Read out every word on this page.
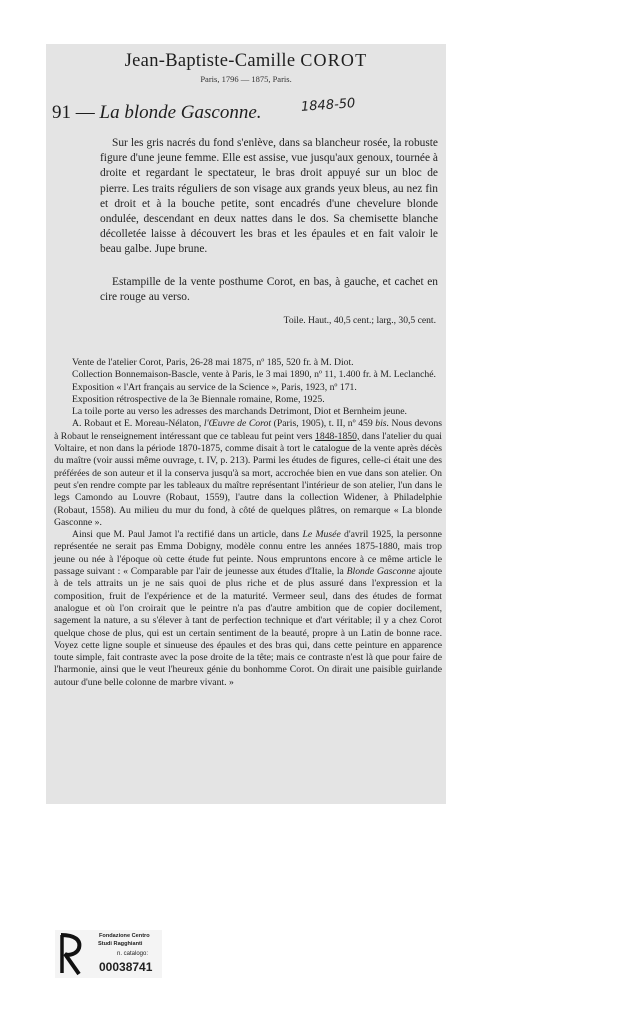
Jean-Baptiste-Camille COROT
Paris, 1796 — 1875, Paris.
91 — La blonde Gasconne.	1848-50

Sur les gris nacrés du fond s'enlève, dans sa blancheur rosée, la robuste figure d'une jeune femme. Elle est assise, vue jusqu'aux genoux, tournée à droite et regardant le spectateur, le bras droit appuyé sur un bloc de pierre. Les traits réguliers de son visage aux grands yeux bleus, au nez fin et droit et à la bouche petite, sont encadrés d'une chevelure blonde ondulée, descendant en deux nattes dans le dos. Sa chemisette blanche décolletée laisse à découvert les bras et les épaules et en fait valoir le beau galbe. Jupe brune.

Estampille de la vente posthume Corot, en bas, à gauche, et cachet en cire rouge au verso.

Toile. Haut., 40,5 cent.; larg., 30,5 cent.

Vente de l'atelier Corot, Paris, 26-28 mai 1875, nº 185, 520 fr. à M. Diot.

Collection Bonnemaison-Bascle, vente à Paris, le 3 mai 1890, nº 11, 1.400 fr. à M. Leclanché.

Exposition « l'Art français au service de la Science », Paris, 1923, nº 171.

Exposition rétrospective de la 3e Biennale romaine, Rome, 1925.

La toile porte au verso les adresses des marchands Detrimont, Diot et Bernheim jeune.

A. Robaut et E. Moreau-Nélaton, l'Œuvre de Corot (Paris, 1905), t. II, nº 459 bis. Nous devons à Robaut le renseignement intéressant que ce tableau fut peint vers 1848-1850, dans l'atelier du quai Voltaire, et non dans la période 1870-1875, comme disait à tort le catalogue de la vente après décès du maître (voir aussi même ouvrage, t. IV, p. 213). Parmi les études de figures, celle-ci était une des préférées de son auteur et il la conserva jusqu'à sa mort, accrochée bien en vue dans son atelier. On peut s'en rendre compte par les tableaux du maître représentant l'intérieur de son atelier, l'un dans le legs Camondo au Louvre (Robaut, 1559), l'autre dans la collection Widener, à Philadelphie (Robaut, 1558). Au milieu du mur du fond, à côté de quelques plâtres, on remarque « La blonde Gasconne ».

Ainsi que M. Paul Jamot l'a rectifié dans un article, dans Le Musée d'avril 1925, la personne représentée ne serait pas Emma Dobigny, modèle connu entre les années 1875-1880, mais trop jeune ou née à l'époque où cette étude fut peinte. Nous empruntons encore à ce même article le passage suivant : « Comparable par l'air de jeunesse aux études d'Italie, la Blonde Gasconne ajoute à de tels attraits un je ne sais quoi de plus riche et de plus assuré dans l'expression et la composition, fruit de l'expérience et de la maturité. Vermeer seul, dans des études de format analogue et où l'on croirait que le peintre n'a pas d'autre ambition que de copier docilement, sagement la nature, a su s'élever à tant de perfection technique et d'art véritable; il y a chez Corot quelque chose de plus, qui est un certain sentiment de la beauté, propre à un Latin de bonne race. Voyez cette ligne souple et sinueuse des épaules et des bras qui, dans cette peinture en apparence toute simple, fait contraste avec la pose droite de la tête; mais ce contraste n'est là que pour faire de l'harmonie, ainsi que le veut l'heureux génie du bonhomme Corot. On dirait une paisible guirlande autour d'une belle colonne de marbre vivant. »

Fondazione Centro
Studi Ragghianti
n. catalogo:
00038741
